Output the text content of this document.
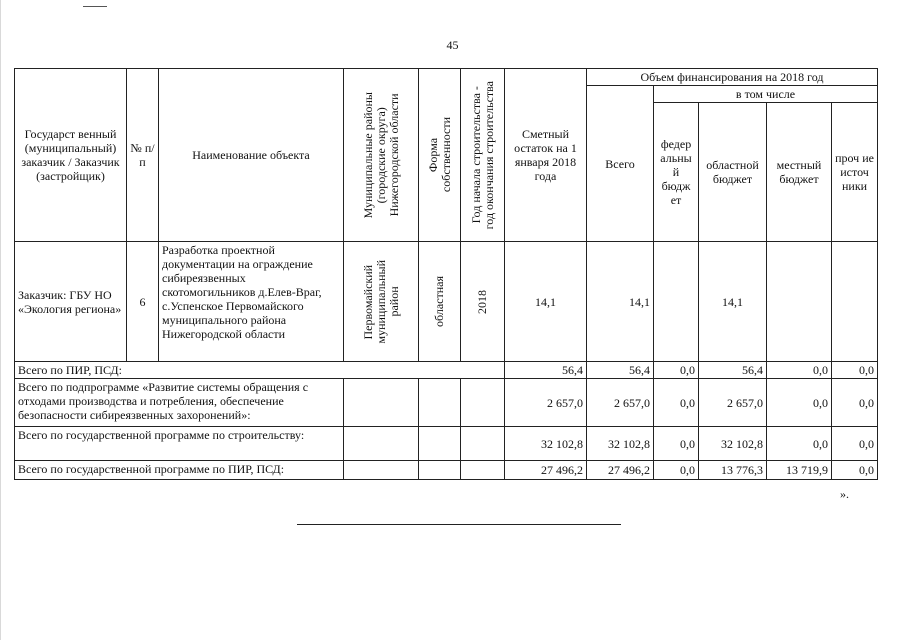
45
Государст венный (муниципальный) заказчик / Заказчик (застройщик)	№ п/п	Наименование объекта	Муниципальные районы
(городские округа)
Нижегородской области	Форма
собственности	Год начала строительства -
год окончания строительства	Сметный остаток на 1 января 2018 года	Объем финансирования на 2018 год				
							Всего	в том числе			
								федер альны й бюдж ет	областной бюджет	местный бюджет	проч ие источ ники
Заказчик: ГБУ НО «Экология региона»	6	Разработка проектной документации на ограждение сибиреязвенных скотомогильников д.Елев-Враг, с.Успенское Первомайского муниципального района Нижегородской области	Первомайский
муниципальный
район	областная	2018	14,1	14,1		14,1		
Всего по ПИР, ПСД:						56,4	56,4	0,0	56,4	0,0	0,0
Всего по подпрограмме «Развитие системы обращения с отходами производства и потребления, обеспечение безопасности сибиреязвенных захоронений»:						2 657,0	2 657,0	0,0	2 657,0	0,0	0,0
Всего по государственной программе по строительству:						32 102,8	32 102,8	0,0	32 102,8	0,0	0,0
Всего по государственной программе по ПИР, ПСД:						27 496,2	27 496,2	0,0	13 776,3	13 719,9	0,0
».
